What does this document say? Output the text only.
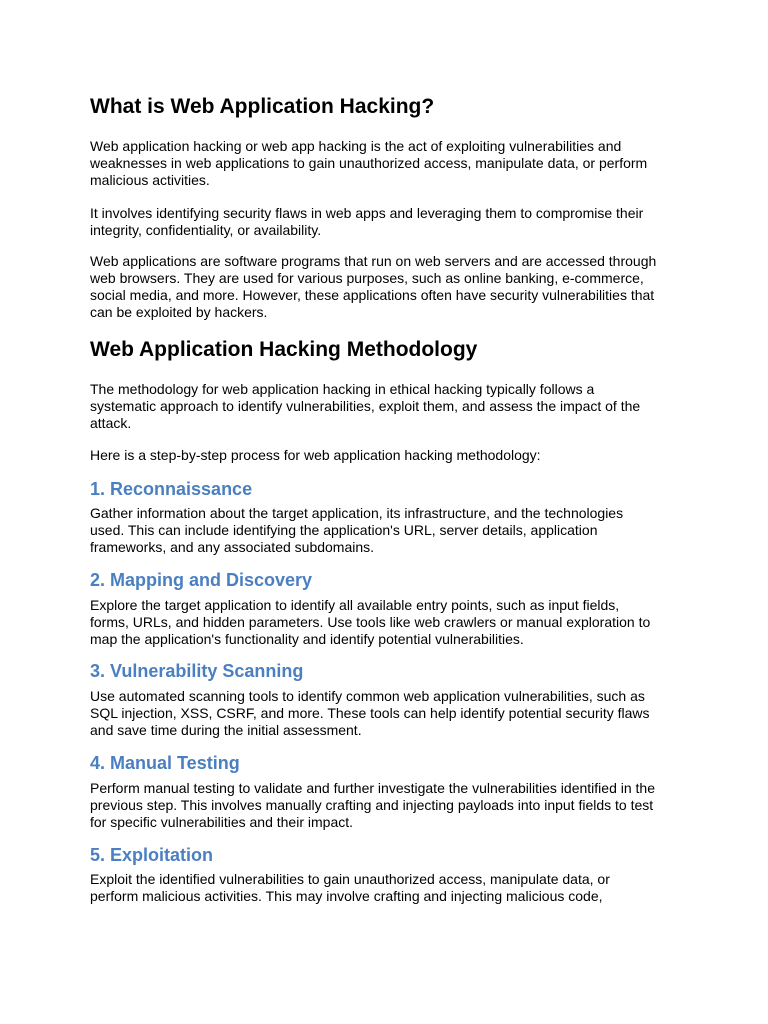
What is Web Application Hacking?

Web application hacking or web app hacking is the act of exploiting vulnerabilities and
weaknesses in web applications to gain unauthorized access, manipulate data, or perform
malicious activities.

It involves identifying security flaws in web apps and leveraging them to compromise their
integrity, confidentiality, or availability.

Web applications are software programs that run on web servers and are accessed through
web browsers. They are used for various purposes, such as online banking, e-commerce,
social media, and more. However, these applications often have security vulnerabilities that
can be exploited by hackers.

Web Application Hacking Methodology

The methodology for web application hacking in ethical hacking typically follows a
systematic approach to identify vulnerabilities, exploit them, and assess the impact of the
attack.

Here is a step-by-step process for web application hacking methodology:

1. Reconnaissance

Gather information about the target application, its infrastructure, and the technologies
used. This can include identifying the application's URL, server details, application
frameworks, and any associated subdomains.

2. Mapping and Discovery

Explore the target application to identify all available entry points, such as input fields,
forms, URLs, and hidden parameters. Use tools like web crawlers or manual exploration to
map the application's functionality and identify potential vulnerabilities.

3. Vulnerability Scanning

Use automated scanning tools to identify common web application vulnerabilities, such as
SQL injection, XSS, CSRF, and more. These tools can help identify potential security flaws
and save time during the initial assessment.

4. Manual Testing

Perform manual testing to validate and further investigate the vulnerabilities identified in the
previous step. This involves manually crafting and injecting payloads into input fields to test
for specific vulnerabilities and their impact.

5. Exploitation

Exploit the identified vulnerabilities to gain unauthorized access, manipulate data, or
perform malicious activities. This may involve crafting and injecting malicious code,
